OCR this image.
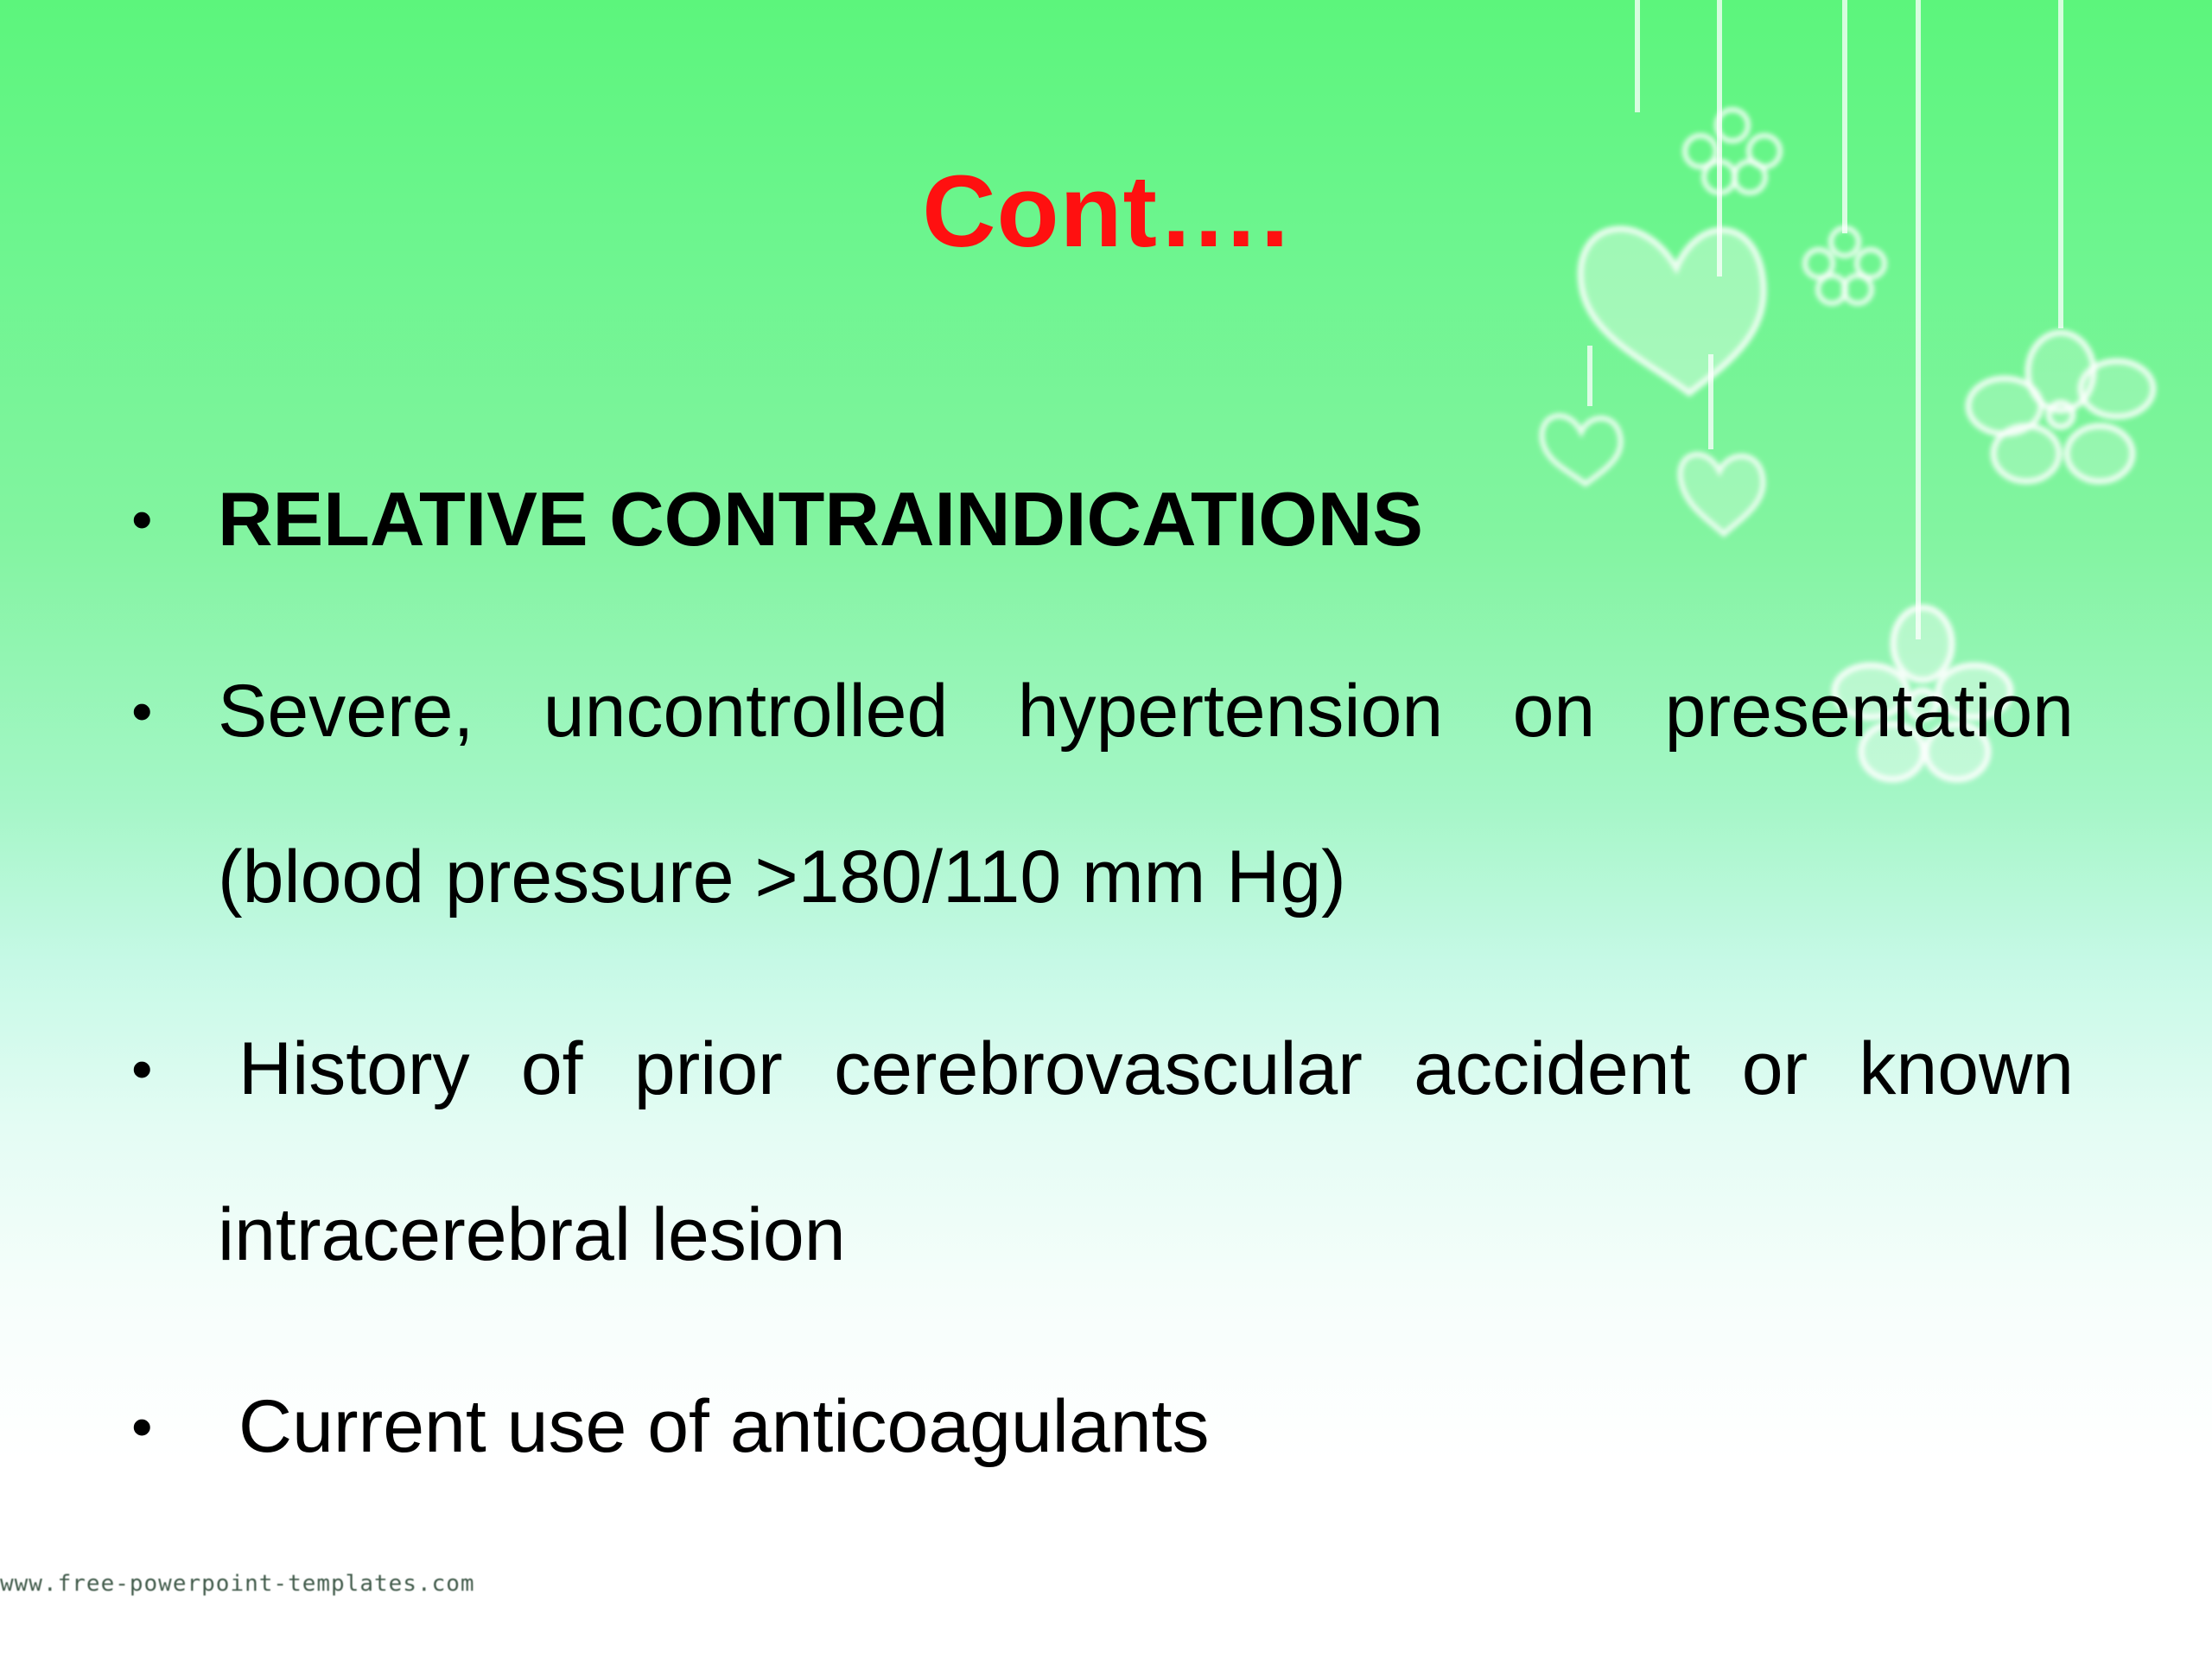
Cont….
• RELATIVE CONTRAINDICATIONS
• Severe, uncontrolled hypertension on presentation (blood pressure >180/110 mm Hg)
• History of prior cerebrovascular accident or known intracerebral lesion
• Current use of anticoagulants
www.free-powerpoint-templates.com
